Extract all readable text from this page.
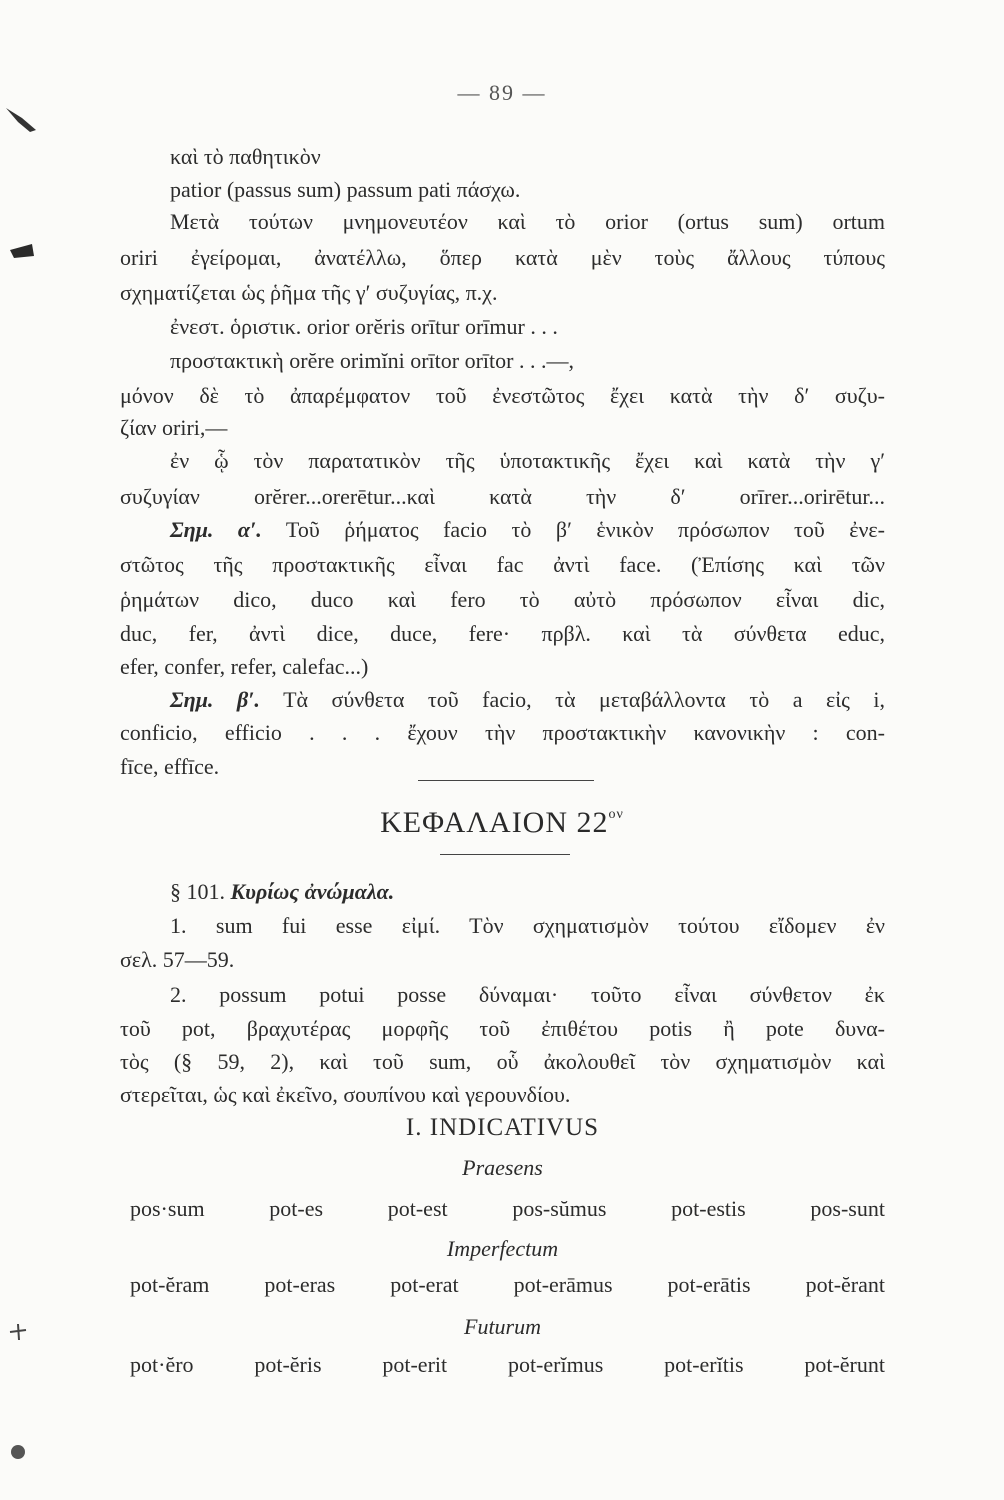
— 89 —
καὶ τὸ παθητικὸν
patior (passus sum) passum pati πάσχω.
Μετὰ τούτων μνημονευτέον καὶ τὸ orior (ortus sum) ortum
oriri ἐγείρομαι, ἀνατέλλω, ὅπερ κατὰ μὲν τοὺς ἄλλους τύπους
σχηματίζεται ὡς ῥῆμα τῆς γ′ συζυγίας, π.χ.
ἐνεστ. ὁριστικ. orior orĕris orītur orīmur . . .
προστακτικὴ orĕre orimĭni orītor orītor . . .—,
μόνον δὲ τὸ ἀπαρέμφατον τοῦ ἐνεστῶτος ἔχει κατὰ τὴν δ′ συζυ-
ζίαν oriri,—
ἐν ᾧ τὸν παρατατικὸν τῆς ὑποτακτικῆς ἔχει καὶ κατὰ τὴν γ′
συζυγίαν orĕrer...orerētur...καὶ κατὰ τὴν δ′ orīrer...orirētur...
Σημ. α′. Τοῦ ῥήματος facio τὸ β′ ἑνικὸν πρόσωπον τοῦ ἐνε-
στῶτος τῆς προστακτικῆς εἶναι fac ἀντὶ face. (Ἐπίσης καὶ τῶν
ῥημάτων dico, duco καὶ fero τὸ αὐτὸ πρόσωπον εἶναι dic,
duc, fer, ἀντὶ dice, duce, fere· πρβλ. καὶ τὰ σύνθετα educ,
efer, confer, refer, calefac...)
Σημ. β′. Τὰ σύνθετα τοῦ facio, τὰ μεταβάλλοντα τὸ a εἰς i,
conficio, efficio . . . ἔχουν τὴν προστακτικὴν κανονικὴν : con-
fīce, effīce.
ΚΕΦΑΛΑΙΟΝ $22^{o\nu}$
§ 101. Κυρίως ἀνώμαλα.
1. sum fui esse εἰμί. Τὸν σχηματισμὸν τούτου εἴδομεν ἐν
σελ. 57—59.
2. possum potui posse δύναμαι· τοῦτο εἶναι σύνθετον ἐκ
τοῦ pot, βραχυτέρας μορφῆς τοῦ ἐπιθέτου potis ἢ pote δυνα-
τὸς (§ 59, 2), καὶ τοῦ sum, οὗ ἀκολουθεῖ τὸν σχηματισμὸν καὶ
στερεῖται, ὡς καὶ ἐκεῖνο, σουπίνου καὶ γερουνδίου.
I. INDICATIVUS
Praesens
pos·sum	pot-es	pot-est	pos-sŭmus	pot-estis	pos-sunt
Imperfectum
pot-ĕram pot-eras pot-erat pot-erāmus pot-erātis pot-ĕrant
Futurum
pot·ĕro	pot-ĕris	pot-erit	pot-erĭmus	pot-erĭtis	pot-ĕrunt
